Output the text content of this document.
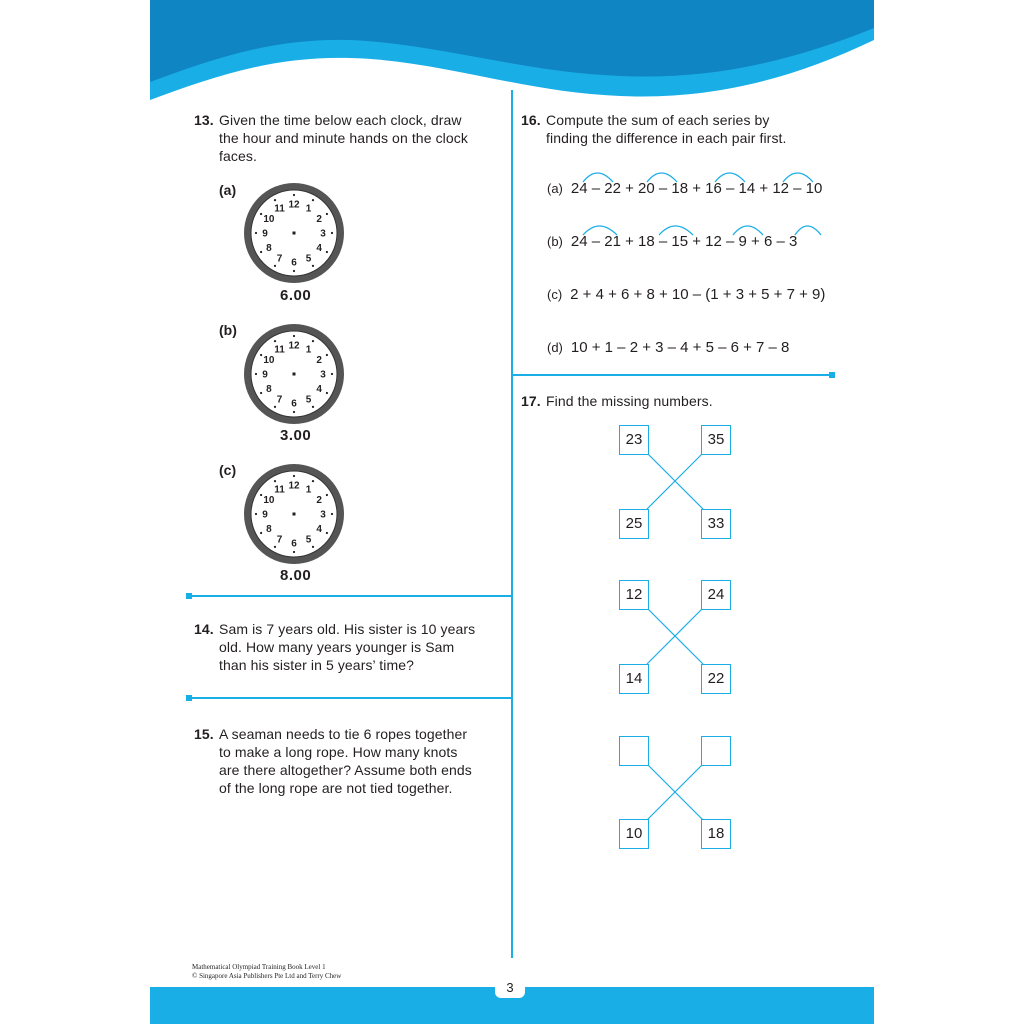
13. Given the time below each clock, draw
the hour and minute hands on the clock
faces.
(a)
12 1
2
3
4
5
6
7
8
9
10
11
6.00
(b)
12 1
2
3
4
5
6
7
8
9
10
11
3.00
(c)
12 1
2
3
4
5
6
7
8
9
10
11
8.00
14. Sam is 7 years old. His sister is 10 years
old. How many years younger is Sam
than his sister in 5 years’ time?
15. A seaman needs to tie 6 ropes together
to make a long rope. How many knots
are there altogether? Assume both ends
of the long rope are not tied together.
16. Compute the sum of each series by
finding the difference in each pair first.
(a) 24 – 22 + 20 – 18 + 16 – 14 + 12 – 10
(b) 24 – 21 + 18 – 15 + 12 – 9 + 6 – 3
(c) 2 + 4 + 6 + 8 + 10 – (1 + 3 + 5 + 7 + 9)
(d) 10 + 1 – 2 + 3 – 4 + 5 – 6 + 7 – 8
17. Find the missing numbers.
23	35
25	33
12	24
14	22
10	18
Mathematical Olympiad Training Book Level 1
© Singapore Asia Publishers Pte Ltd and Terry Chew
3
